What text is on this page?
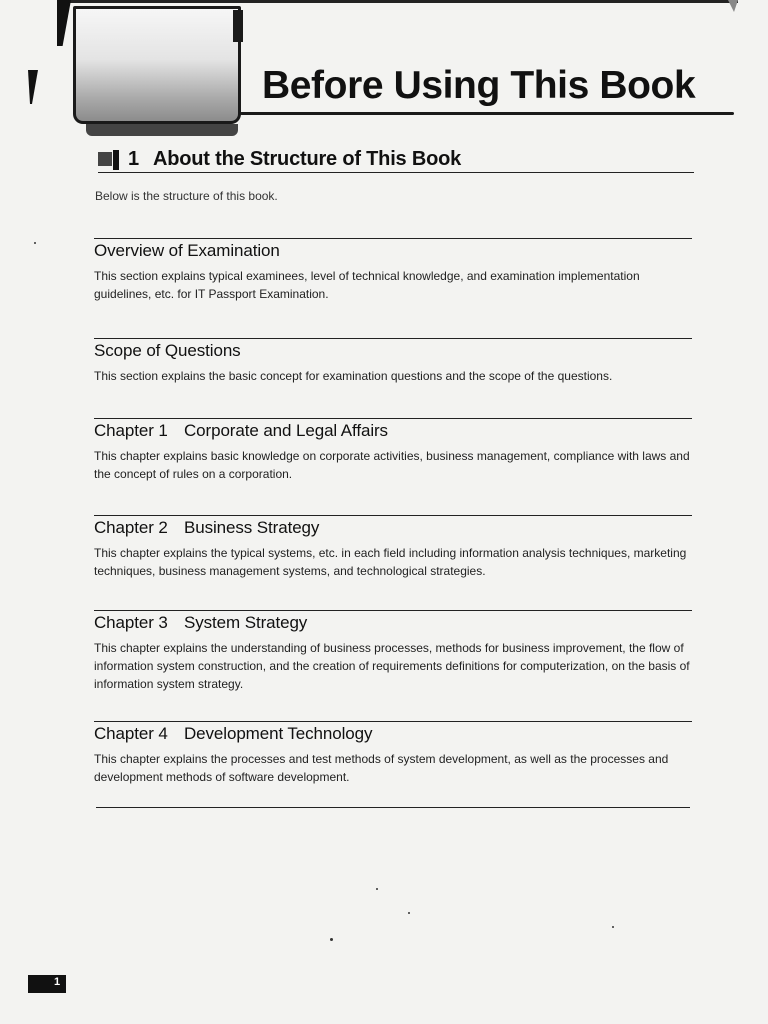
Before Using This Book
1 About the Structure of This Book
Below is the structure of this book.
Overview of Examination
This section explains typical examinees, level of technical knowledge, and examination implementation guidelines, etc. for IT Passport Examination.
Scope of Questions
This section explains the basic concept for examination questions and the scope of the questions.
Chapter 1 Corporate and Legal Affairs
This chapter explains basic knowledge on corporate activities, business management, compliance with laws and the concept of rules on a corporation.
Chapter 2 Business Strategy
This chapter explains the typical systems, etc. in each field including information analysis techniques, marketing techniques, business management systems, and technological strategies.
Chapter 3 System Strategy
This chapter explains the understanding of business processes, methods for business improvement, the flow of information system construction, and the creation of requirements definitions for computerization, on the basis of information system strategy.
Chapter 4 Development Technology
This chapter explains the processes and test methods of system development, as well as the processes and development methods of software development.
1
